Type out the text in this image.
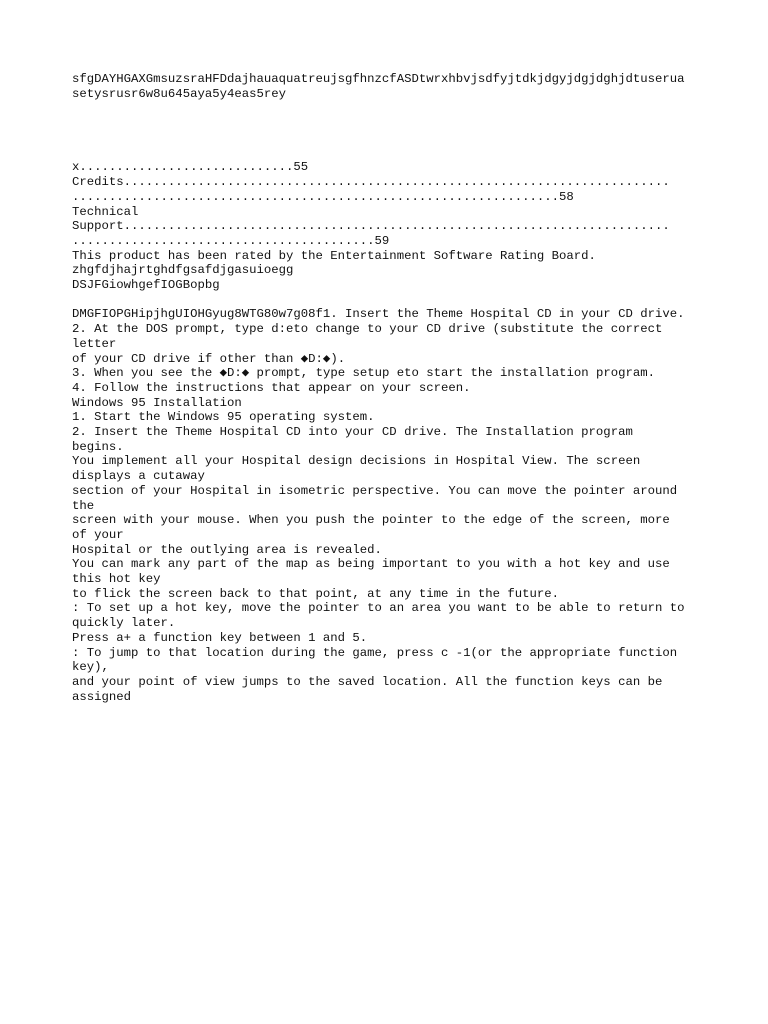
sfgDAYHGAXGmsuzsraHFDdajhauaquatreujsgfhnzcfASDtwrxhbvjsdfyjtdkjdgyjdgjdghjdtuserua
setysrusr6w8u645aya5y4eas5rey
x.............................55
Credits..........................................................................
..................................................................58
Technical
Support..........................................................................
.........................................59
This product has been rated by the Entertainment Software Rating Board.
zhgfdjhajrtghdfgsafdjgasuioegg
DSJFGiowhgefIOGBopbg
DMGFIOPGHipjhgUIOHGyug8WTG80w7g08f1. Insert the Theme Hospital CD in your CD drive.
2. At the DOS prompt, type d:eto change to your CD drive (substitute the correct
letter
of your CD drive if other than ◆D:◆).
3. When you see the ◆D:◆ prompt, type setup eto start the installation program.
4. Follow the instructions that appear on your screen.
Windows 95 Installation
1. Start the Windows 95 operating system.
2. Insert the Theme Hospital CD into your CD drive. The Installation program
begins.
You implement all your Hospital design decisions in Hospital View. The screen
displays a cutaway
section of your Hospital in isometric perspective. You can move the pointer around
the
screen with your mouse. When you push the pointer to the edge of the screen, more
of your
Hospital or the outlying area is revealed.
You can mark any part of the map as being important to you with a hot key and use
this hot key
to flick the screen back to that point, at any time in the future.
: To set up a hot key, move the pointer to an area you want to be able to return to
quickly later.
Press a+ a function key between 1 and 5.
: To jump to that location during the game, press c -1(or the appropriate function
key),
and your point of view jumps to the saved location. All the function keys can be
assigned
